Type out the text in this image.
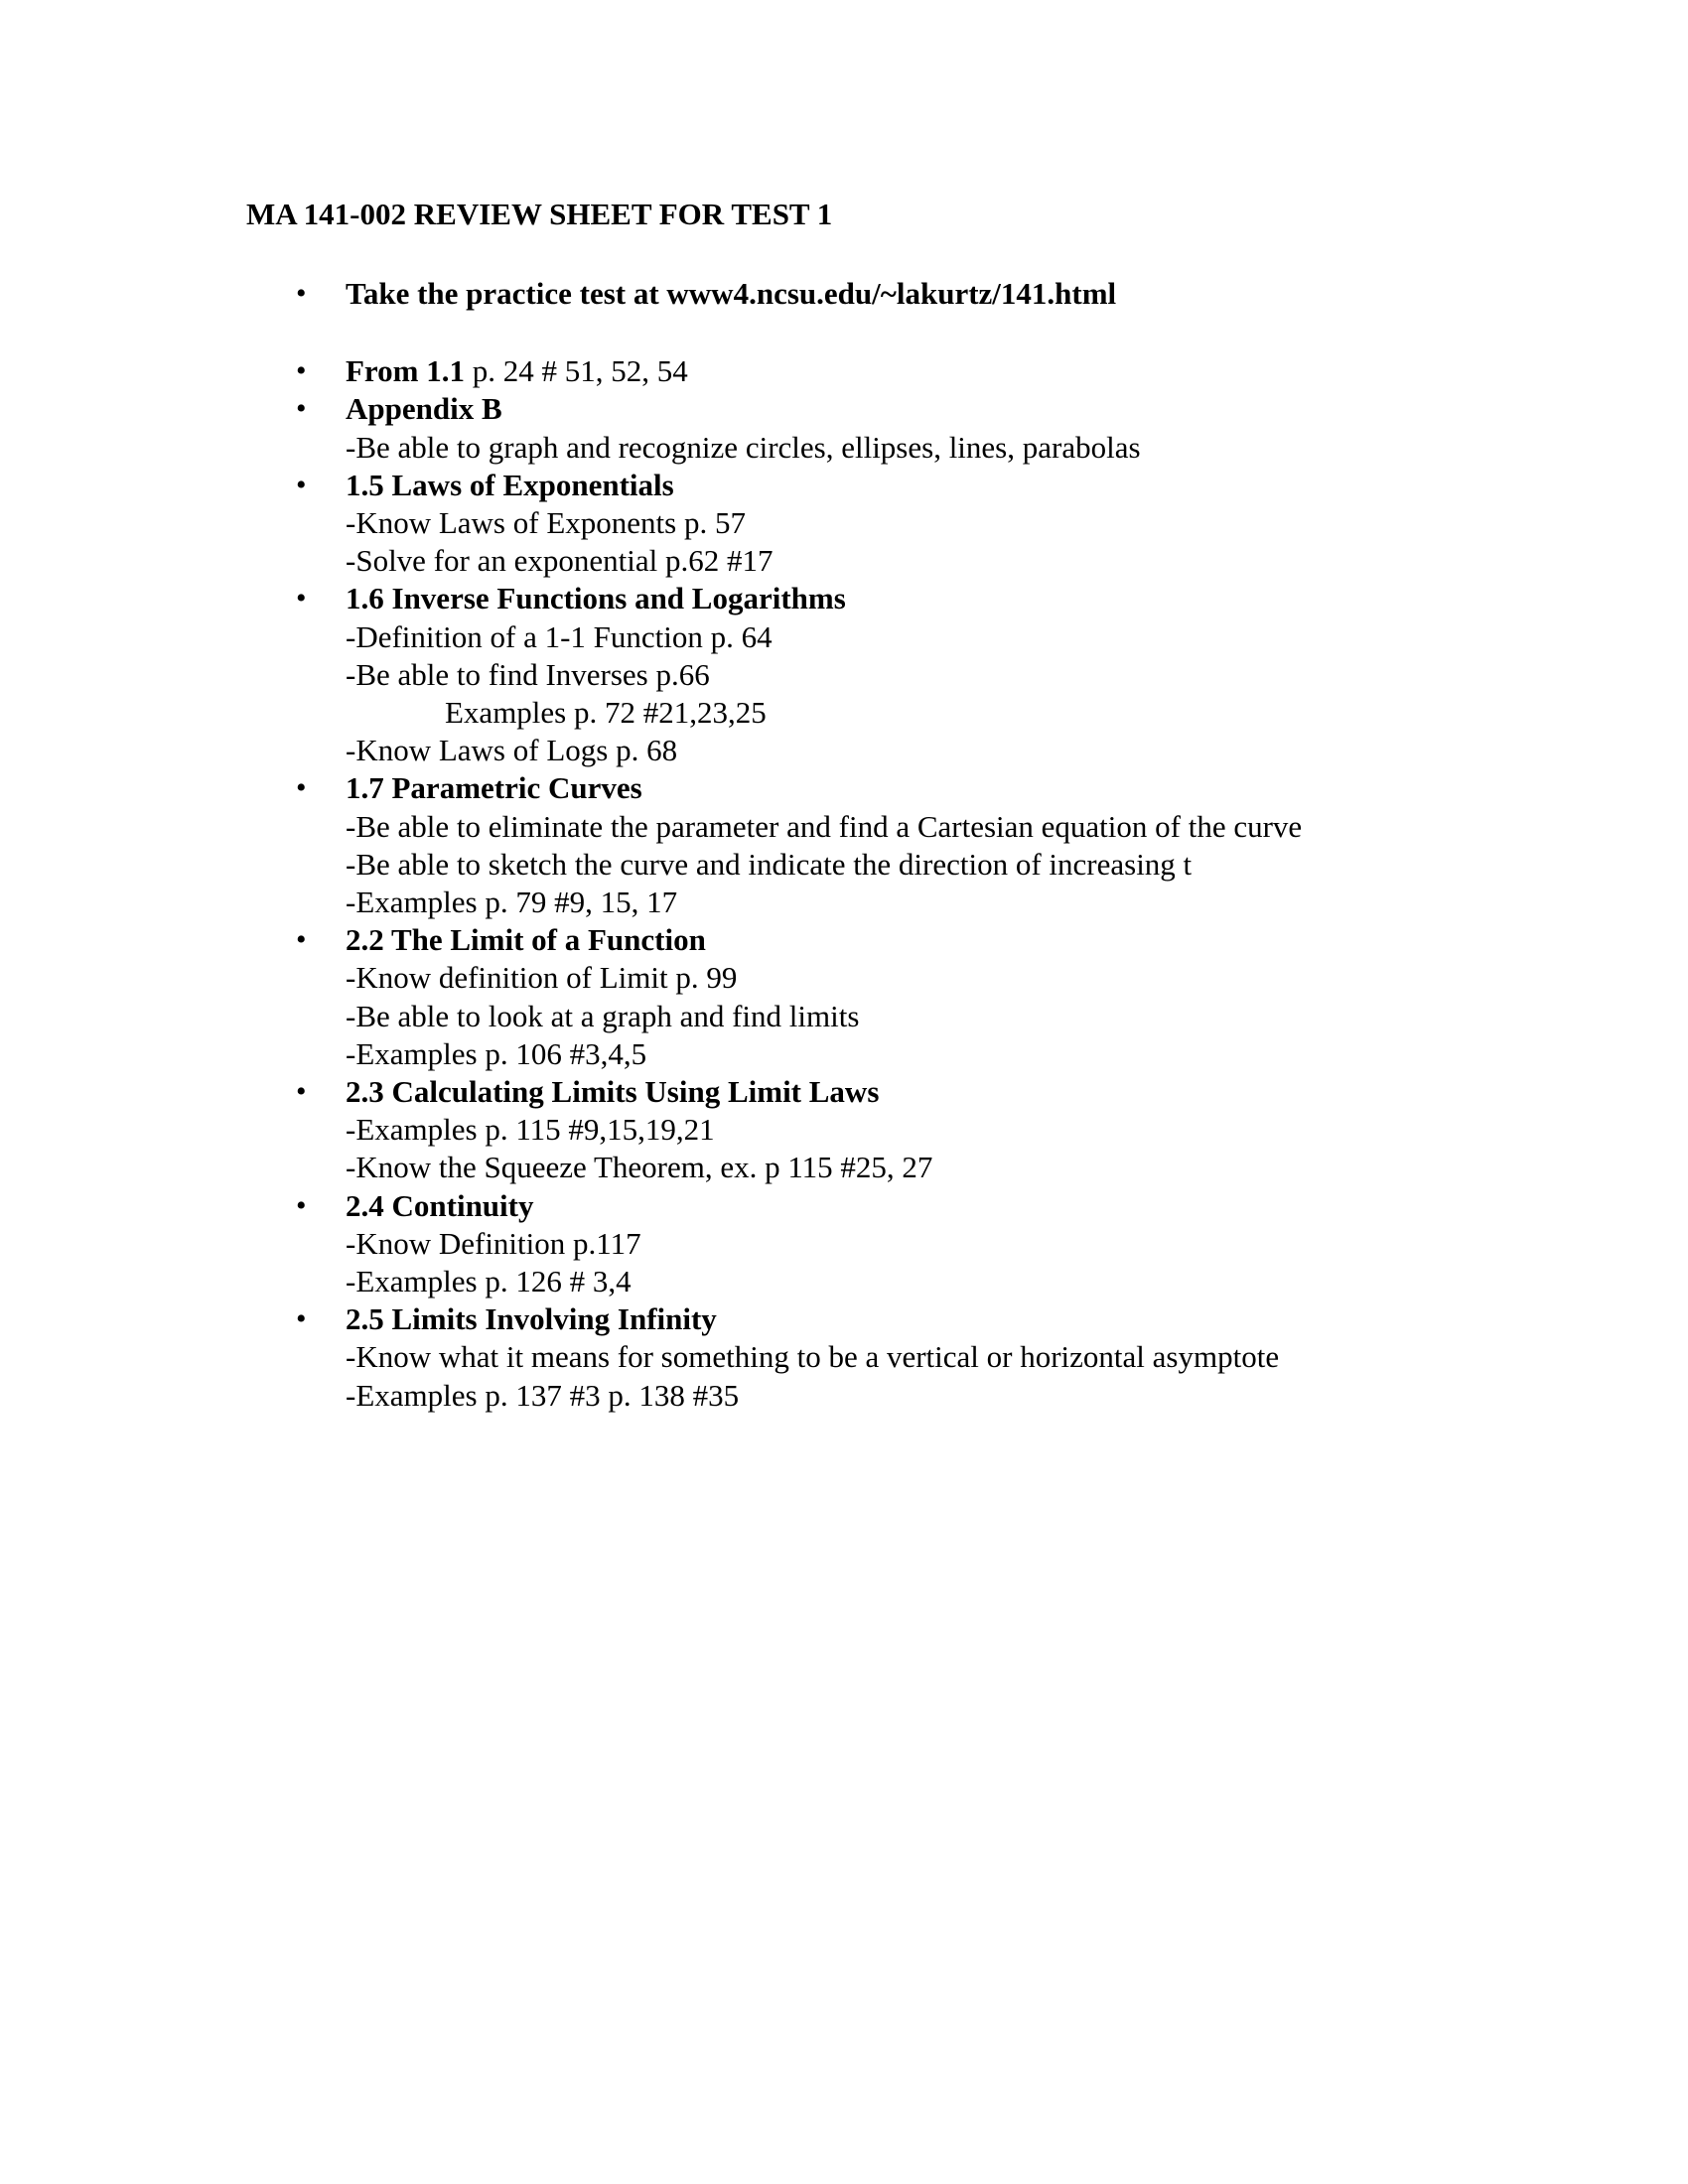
MA 141-002 REVIEW SHEET FOR TEST 1
• Take the practice test at www4.ncsu.edu/~lakurtz/141.html
• From 1.1 p. 24 # 51, 52, 54
• Appendix B
-Be able to graph and recognize circles, ellipses, lines, parabolas
• 1.5 Laws of Exponentials
-Know Laws of Exponents p. 57
-Solve for an exponential p.62 #17
• 1.6 Inverse Functions and Logarithms
-Definition of a 1-1 Function p. 64
-Be able to find Inverses p.66
Examples p. 72 #21,23,25
-Know Laws of Logs p. 68
• 1.7 Parametric Curves
-Be able to eliminate the parameter and find a Cartesian equation of the curve
-Be able to sketch the curve and indicate the direction of increasing t
-Examples p. 79 #9, 15, 17
• 2.2 The Limit of a Function
-Know definition of Limit p. 99
-Be able to look at a graph and find limits
-Examples p. 106 #3,4,5
• 2.3 Calculating Limits Using Limit Laws
-Examples p. 115 #9,15,19,21
-Know the Squeeze Theorem, ex. p 115 #25, 27
• 2.4 Continuity
-Know Definition p.117
-Examples p. 126 # 3,4
• 2.5 Limits Involving Infinity
-Know what it means for something to be a vertical or horizontal asymptote
-Examples p. 137 #3 p. 138 #35
